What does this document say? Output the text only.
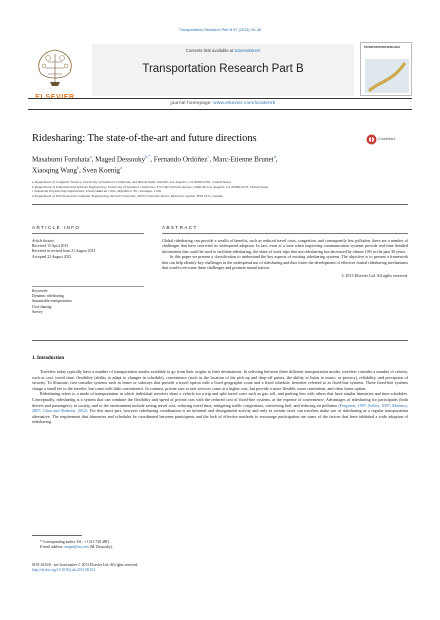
Transportation Research Part B 57 (2013) 28–46
ELSEVIER
Contents lists available at ScienceDirect
Transportation Research Part B
TRANSPORTATION RESEARCH
journal homepage: www.elsevier.com/locate/trb
Ridesharing: The state-of-the-art and future directions	CrossMark
Masabumi Furuhata$^a$, Maged Dessouky$^{b,*}$, Fernando Ordóñez$^c$, Marc-Etienne Brunet$^d$,
Xiaoqing Wang$^b$, Sven Koenig$^a$
a Department of Computer Science, University of Southern California, 941 Bloom Walk, SAL300, Los Angeles, CA 90089-0781, United States
b Department of Industrial and Systems Engineering, University of Southern California, 3715 McClintock Avenue, GER240, Los Angeles, CA 90089-0193, United States
c Industrial Engineering Department, Universidad de Chile, República 701, Santiago, Chile
d Department of Electrical and Computer Engineering, McGill University, 3630 University Street, Montreal, Quebec H3A 0C6, Canada
ARTICLE INFO
Article history:
Received 15 April 2013
Received in revised form 21 August 2013
Accepted 22 August 2013
Keywords:
Dynamic ridesharing
Sustainable transportation
Cost-sharing
Survey
ABSTRACT

Global ridesharing can provide a wealth of benefits, such as reduced travel costs, congestion, and consequently less pollution, there are a number of challenges that have restricted its widespread adoption. In fact, even at a time when improving communication systems provide real-time detailed information that could be used to facilitate ridesharing, the share of work trips that use ridesharing has decreased by almost 10% in the past 30 years.

In this paper we present a classification to understand the key aspects of existing ridesharing systems. The objective is to present a framework that can help identify key challenges in the widespread use of ridesharing and thus foster the development of effective formal ridesharing mechanisms that would overcome these challenges and promote massification.

© 2013 Elsevier Ltd. All rights reserved.

1. Introduction

Travelers today typically have a number of transportation modes available to go from their origins to their destinations. In selecting between these different transportation modes, travelers consider a number of criteria, such as cost, travel time, flexibility (ability to adapt to changes in schedule), convenience (such as the location of the pick-up and drop-off points, the ability to listen to music, or privacy), reliability, and perception of security. To illustrate, first consider systems such as buses or subways that provide a travel option with a fixed geographic route and a fixed schedule, hereafter referred to as fixed-line systems. These fixed-line systems charge a small fee to the traveler, but come with little convenience. In contrast, private cars or taxi services come at a higher cost, but provide a more flexible, more convenient, and often faster option.

Ridesharing refers to a mode of transportation in which individual travelers share a vehicle for a trip and split travel costs such as gas, toll, and parking fees with others that have similar itineraries and time schedules. Conceptually, ridesharing is a system that can combine the flexibility and speed of private cars with the reduced cost of fixed-line systems, at the expense of convenience. Advantages of ridesharing for participants (both drivers and passengers), to society, and to the environment include saving travel cost, reducing travel time, mitigating traffic congestions, conserving fuel, and reducing air pollution (Ferguson, 1997; Kelley, 2007; Morency, 2007; Chan and Shaheen, 2012). For this most part, however ridesharing coordination is an informal and disorganized activity and only in certain cases can travelers make use of ridesharing as a regular transportation alternative. The requirement that itineraries and schedules be coordinated between participants and the lack of effective methods to encourage participation are some of the factors that have inhibited a wide adoption of ridesharing.

* Corresponding author. Tel.: +1 213 740 4891.
E-mail address: maged@usc.edu (M. Dessouky).
0191-2615/$ - see front matter © 2013 Elsevier Ltd. All rights reserved.
http://dx.doi.org/10.1016/j.trb.2013.08.012
